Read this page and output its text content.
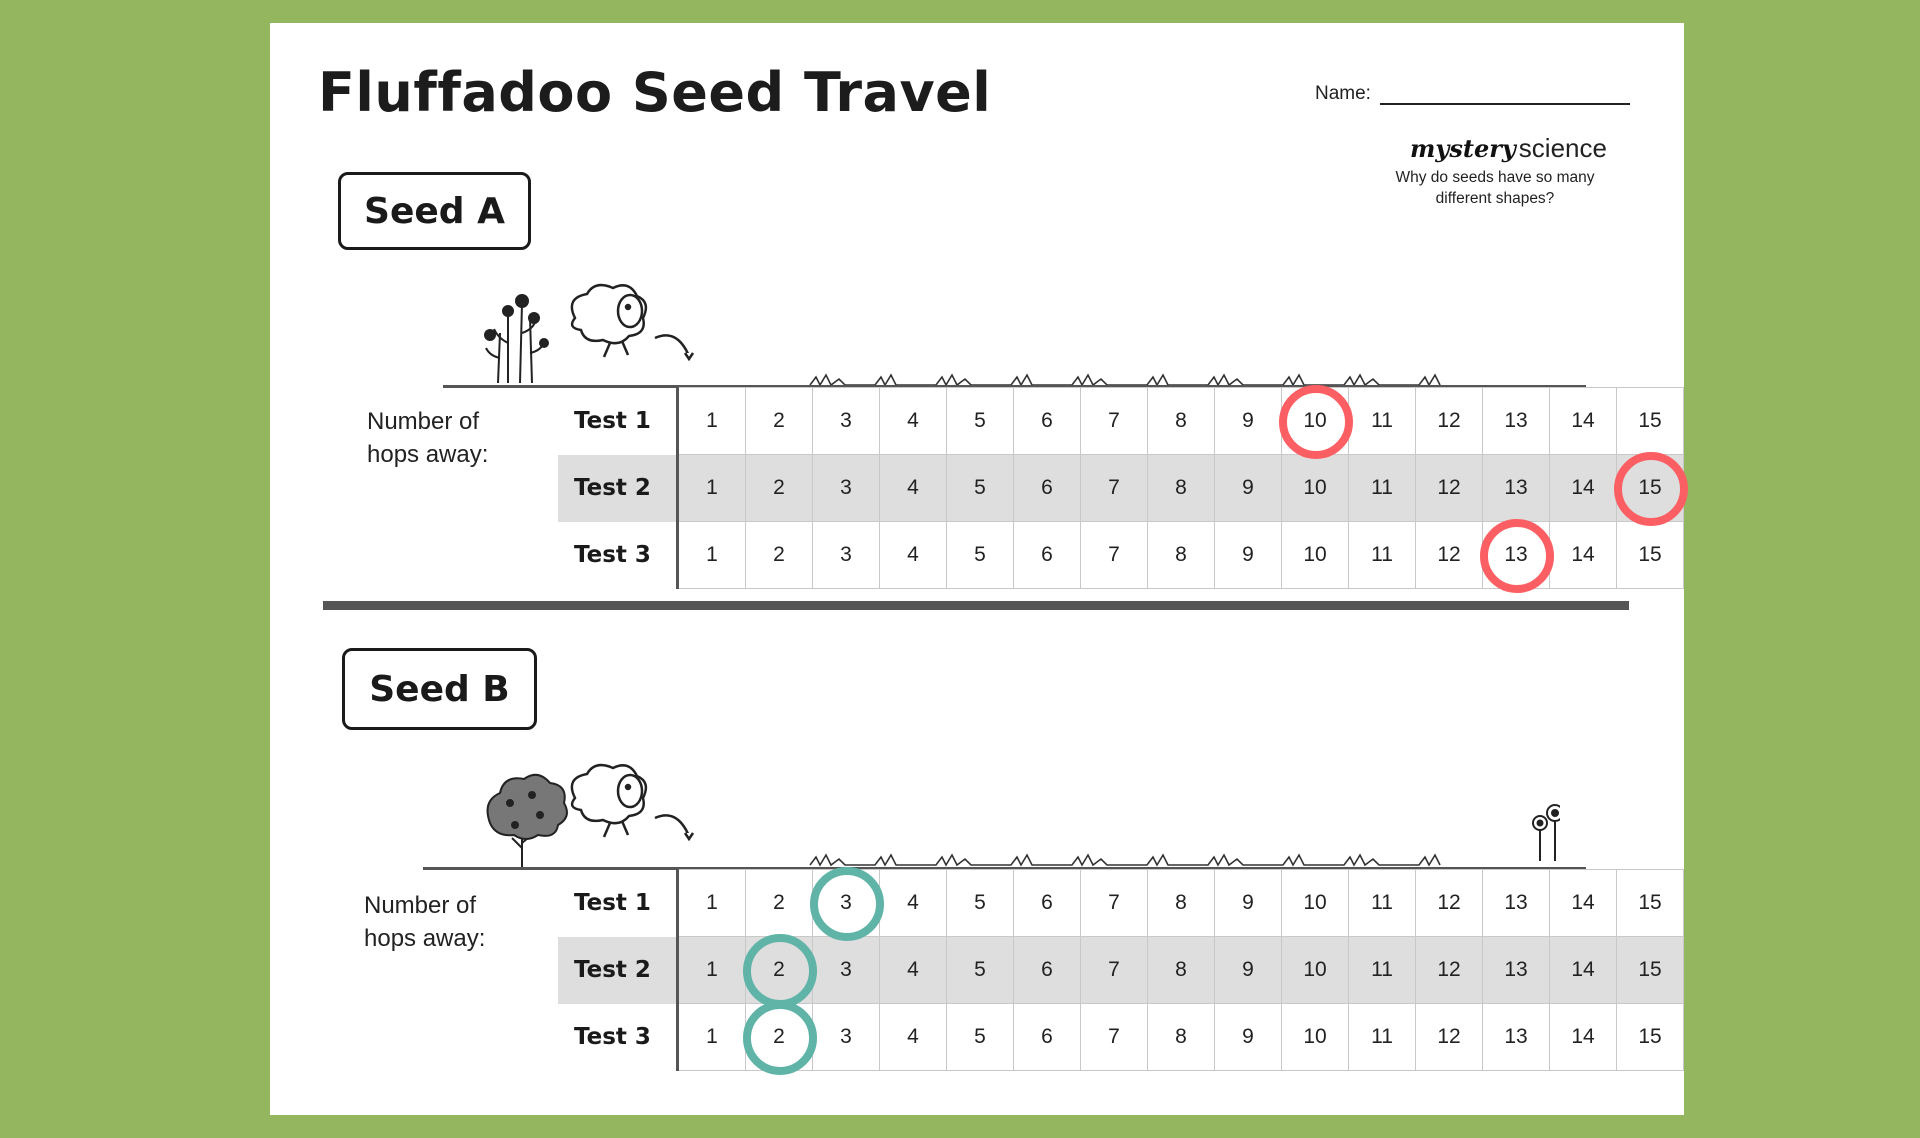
Fluffadoo Seed Travel	Name:
mystery science
Why do seeds have so many different shapes?
Seed A
Number of
hops away:
Test 1	1	2	3	4	5	6	7	8	9	10	11	12	13	14	15
Test 2	1	2	3	4	5	6	7	8	9	10	11	12	13	14	15
Test 3	1	2	3	4	5	6	7	8	9	10	11	12	13	14	15
Seed B
Number of
hops away:
Test 1	1	2	3	4	5	6	7	8	9	10	11	12	13	14	15
Test 2	1	2	3	4	5	6	7	8	9	10	11	12	13	14	15
Test 3	1	2	3	4	5	6	7	8	9	10	11	12	13	14	15
